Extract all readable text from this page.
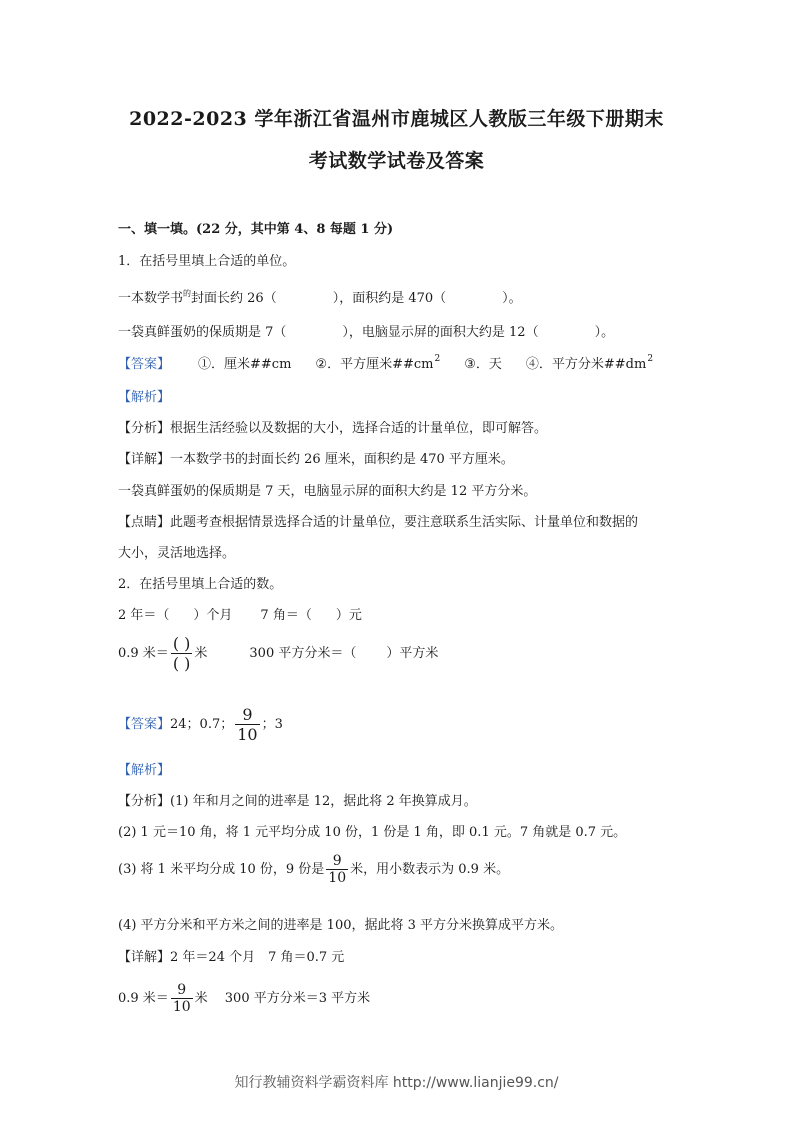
2022-2023 学年浙江省温州市鹿城区人教版三年级下册期末
考试数学试卷及答案
一、填一填。(22 分，其中第 4、8 每题 1 分)
1．在括号里填上合适的单位。
一本数学书$^的$封面长约 26（	），面积约是 470（	）。
一袋真鲜蛋奶的保质期是 7（	），电脑显示屏的面积大约是 12（	）。
【答案】 ①．厘米##cm ②．平方厘米$\#\#cm^2$ ③．天 ④．平方分米$\#\#dm^2$
【解析】
【分析】根据生活经验以及数据的大小，选择合适的计量单位，即可解答。
【详解】一本数学书的封面长约 26 厘米，面积约是 470 平方厘米。
一袋真鲜蛋奶的保质期是 7 天，电脑显示屏的面积大约是 12 平方分米。
【点睛】此题考查根据情景选择合适的计量单位，要注意联系生活实际、计量单位和数据的
大小，灵活地选择。
2．在括号里填上合适的数。
2 年＝（ ）个月 7 角＝（ ）元
0.9 米＝ $\frac{( )}{( )}$ 米	300 平方分米＝（ ）平方米
【答案】24；0.7； $\frac{9}{10}$ ；3
【解析】
【分析】(1) 年和月之间的进率是 12，据此将 2 年换算成月。
(2) 1 元＝10 角，将 1 元平均分成 10 份，1 份是 1 角，即 0.1 元。7 角就是 0.7 元。
(3) 将 1 米平均分成 10 份，9 份是 $\frac{9}{10}$ 米，用小数表示为 0.9 米。
(4) 平方分米和平方米之间的进率是 100，据此将 3 平方分米换算成平方米。
【详解】2 年＝24 个月　7 角＝0.7 元
0.9 米＝ $\frac{9}{10}$ 米　 300 平方分米＝3 平方米
知行教辅资料学霸资料库 http://www.lianjie99.cn/
